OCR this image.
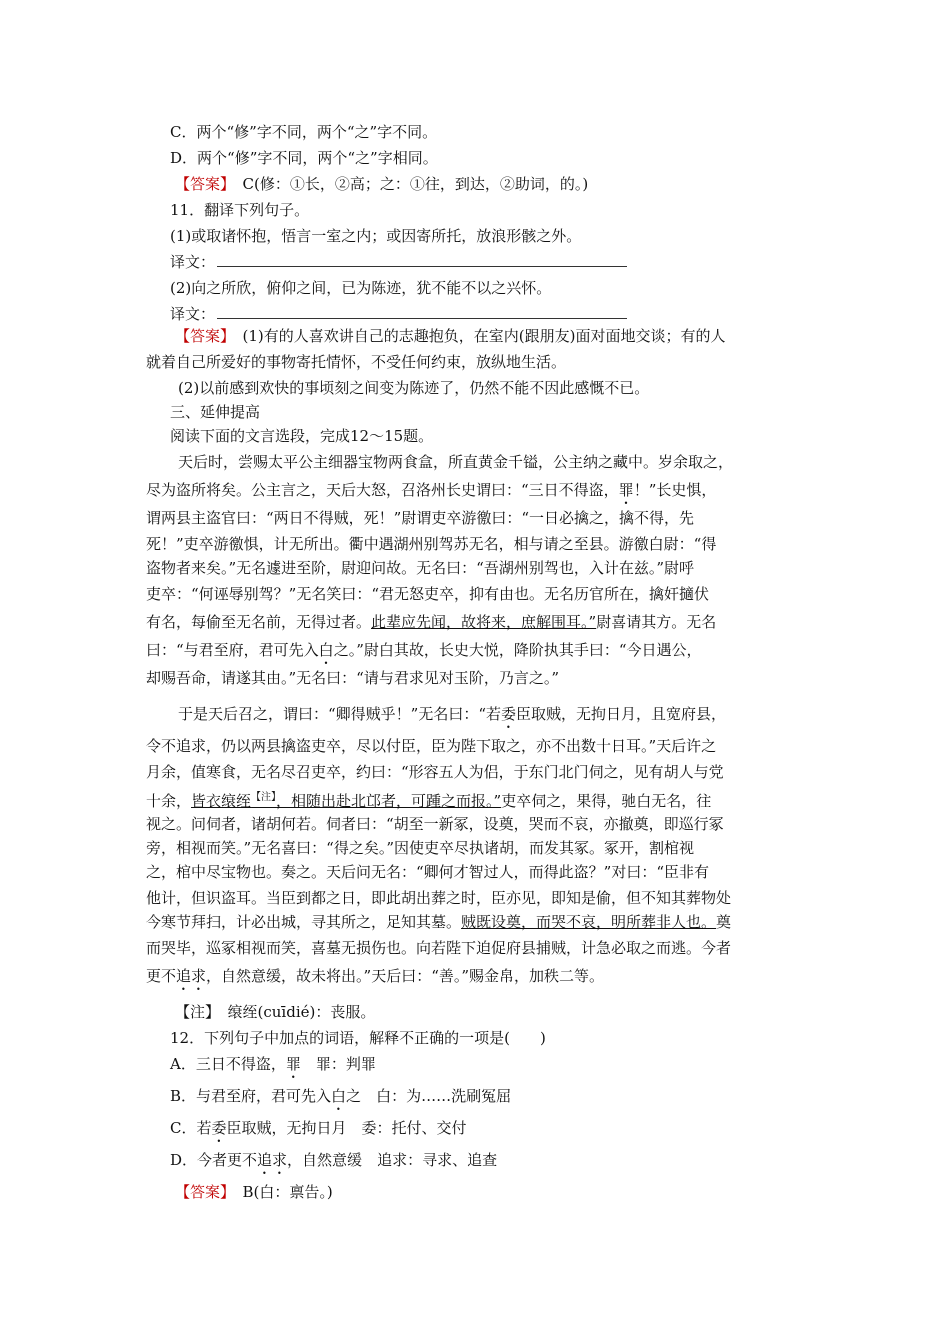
C．两个“修”字不同，两个“之”字不同。
D．两个“修”字不同，两个“之”字相同。
【答案】　C(修：①长，②高；之：①往，到达，②助词，的。)
11．翻译下列句子。
(1)或取诸怀抱，悟言一室之内；或因寄所托，放浪形骸之外。
译文：
(2)向之所欣，俯仰之间，已为陈迹，犹不能不以之兴怀。
译文：
【答案】　(1)有的人喜欢讲自己的志趣抱负，在室内(跟朋友)面对面地交谈；有的人
就着自己所爱好的事物寄托情怀，不受任何约束，放纵地生活。
(2)以前感到欢快的事顷刻之间变为陈迹了，仍然不能不因此感慨不已。
三、延伸提高
阅读下面的文言选段，完成12～15题。
天后时，尝赐太平公主细器宝物两食盒，所直黄金千镒，公主纳之藏中。岁余取之，
尽为盗所将矣。公主言之，天后大怒，召洛州长史谓曰：“三日不得盗，罪！”长史惧，
谓两县主盗官曰：“两日不得贼，死！”尉谓吏卒游徼曰：“一日必擒之，擒不得，先
死！”吏卒游徼惧，计无所出。衢中遇湖州别驾苏无名，相与请之至县。游徼白尉：“得
盗物者来矣。”无名遽进至阶，尉迎问故。无名曰：“吾湖州别驾也，入计在兹。”尉呼
吏卒：“何诬辱别驾？”无名笑曰：“君无怒吏卒，抑有由也。无名历官所在，擒奸擿伏
有名，每偷至无名前，无得过者。此辈应先闻，故将来，庶解围耳。”尉喜请其方。无名
曰：“与君至府，君可先入白之。”尉白其故，长史大悦，降阶执其手曰：“今日遇公，
却赐吾命，请遂其由。”无名曰：“请与君求见对玉阶，乃言之。”
于是天后召之，谓曰：“卿得贼乎！”无名曰：“若委臣取贼，无拘日月，且宽府县，
令不追求，仍以两县擒盗吏卒，尽以付臣，臣为陛下取之，亦不出数十日耳。”天后许之
月余，值寒食，无名尽召吏卒，约曰：“形容五人为侣，于东门北门伺之，见有胡人与党
十余，皆衣缞绖$^{【注】}$，相随出赴北邙者，可踵之而报。”吏卒伺之，果得，驰白无名，往
视之。问伺者，诸胡何若。伺者曰：“胡至一新冢，设奠，哭而不哀，亦撤奠，即巡行冢
旁，相视而笑。”无名喜曰：“得之矣。”因使吏卒尽执诸胡，而发其冢。冢开，割棺视
之，棺中尽宝物也。奏之。天后问无名：“卿何才智过人，而得此盗？”对曰：“臣非有
他计，但识盗耳。当臣到都之日，即此胡出葬之时，臣亦见，即知是偷，但不知其葬物处
今寒节拜扫，计必出城，寻其所之，足知其墓。贼既设奠，而哭不哀，明所葬非人也。奠
而哭毕，巡冢相视而笑，喜墓无损伤也。向若陛下迫促府县捕贼，计急必取之而逃。今者
更不追求，自然意缓，故未将出。”天后曰：“善。”赐金帛，加秩二等。
【注】　缞绖(cuīdié)：丧服。
12．下列句子中加点的词语，解释不正确的一项是(　　)
A．三日不得盗，罪　罪：判罪
B．与君至府，君可先入白之　白：为……洗刷冤屈
C．若委臣取贼，无拘日月　委：托付、交付
D．今者更不追求，自然意缓　追求：寻求、追查
【答案】　B(白：禀告。)
